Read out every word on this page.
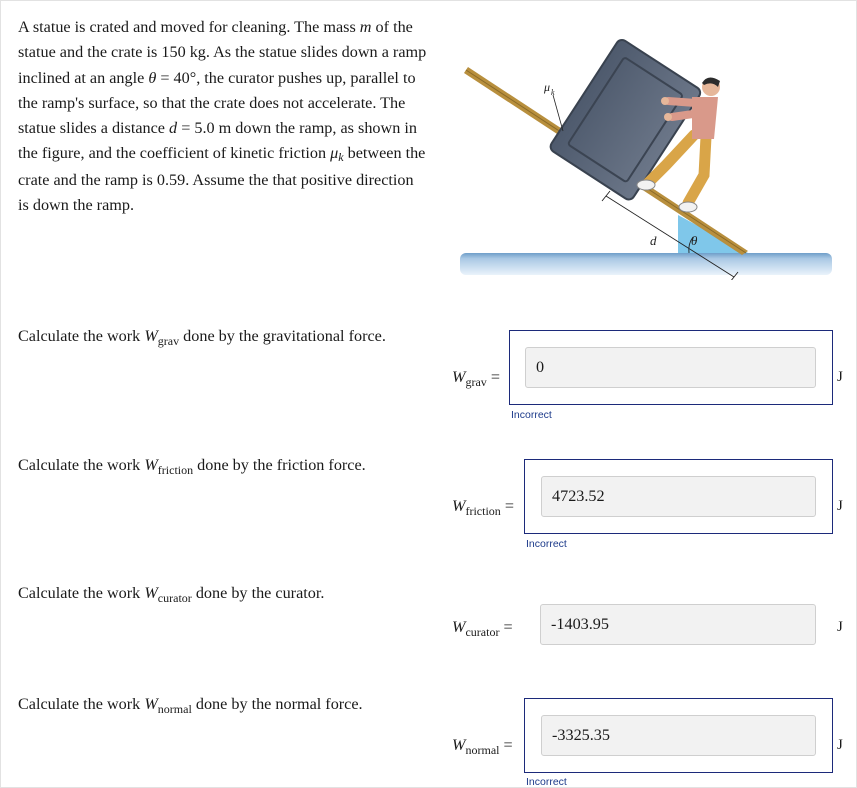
A statue is crated and moved for cleaning. The mass m of the statue and the crate is 150 kg. As the statue slides down a ramp inclined at an angle θ = 40°, the curator pushes up, parallel to the ramp's surface, so that the crate does not accelerate. The statue slides a distance d = 5.0 m down the ramp, as shown in the figure, and the coefficient of kinetic friction μk between the crate and the ramp is 0.59. Assume the that positive direction is down the ramp.
μ k
d	θ
Calculate the work $W_{grav}$ done by the gravitational force.
$W_{grav}$ =
0
Incorrect
J
Calculate the work $W_{friction}$ done by the friction force.
$W_{friction}$ =
4723.52
Incorrect
J
Calculate the work $W_{curator}$ done by the curator.
$W_{curator}$ =	-1403.95	J
Calculate the work $W_{normal}$ done by the normal force.
$W_{normal}$ =
-3325.35
Incorrect
J
